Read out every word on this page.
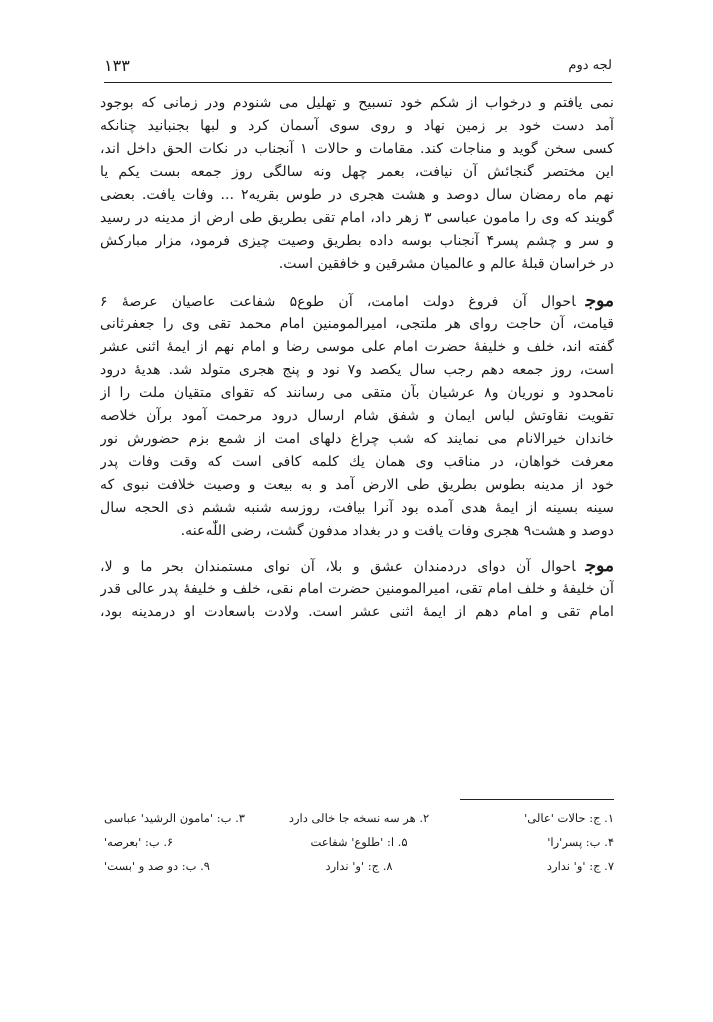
لجه دوم
۱۳۳
نمی یافتم و درخواب از شکم خود تسبیح و تهلیل می شنودم ودر زمانی که بوجود
آمد دست خود بر زمین نهاد و روی سوی آسمان کرد و لبها بجنبانید چنانکه
کسی سخن گوید و مناجات کند. مقامات و حالات ۱ آنجناب در نکات الحق داخل اند،
این مختصر گنجائش آن نیافت، بعمر چهل ونه سالگی روز جمعه بست یکم یا
نهم ماه رمضان سال دوصد و هشت هجری در طوس بقریه۲ ... وفات یافت. بعضی
گویند که وی را مامون عباسی ۳ زهر داد، امام تقی بطریق طی ارض از مدینه در رسید
و سر و چشم پسر۴ آنجناب بوسه داده بطریق وصیت چیزی فرمود، مزار مبارکش
در خراسان قبلهٔ عالم و عالمیان مشرقین و خافقین است.
موجاحوال آن فروغ دولت امامت، آن طوع۵ شفاعت عاصیان عرصهٔ ۶
قیامت، آن حاجت روای هر ملتجی، امیرالمومنین امام محمد تقی وی را جعفرثانی
گفته اند، خلف و خلیفهٔ حضرت امام علی موسی رضا و امام نهم از ایمهٔ اثنی عشر
است، روز جمعه دهم رجب سال یکصد و۷ نود و پنج هجری متولد شد. هدیهٔ درود
نامحدود و نوریان و۸ عرشیان بآن متقی می رسانند که تقوای متقیان ملت را از
تقویت نقاوتش لباس ایمان و شفق شام ارسال درود مرحمت آمود برآن خلاصه
خاندان خیرالانام می نمایند که شب چراغ دلهای امت از شمع بزم حضورش نور
معرفت خواهان، در مناقب وی همان یك کلمه کافی است که وقت وفات پدر
خود از مدینه بطوس بطریق طی الارض آمد و به بیعت و وصیت خلافت نبوی که
سینه بسینه از ایمهٔ هدی آمده بود آنرا بیافت، روزسه شنبه ششم ذی الحجه سال
دوصد و هشت۹ هجری وفات یافت و در بغداد مدفون گشت، رضی اللّٰه‌عنه.
موجاحوال آن دوای دردمندان عشق و بلا، آن نوای مستمندان بحر ما و لا،
آن خلیفهٔ و خلف امام تقی، امیرالمومنین حضرت امام نقی، خلف و خلیفهٔ پدر عالی قدر
امام تقی و امام دهم از ایمهٔ اثنی عشر است. ولادت باسعادت او درمدینه بود،
۱. ج: حالات 'عالی'
۲. هر سه نسخه جا خالی دارد
۳. ب: 'مامون الرشید' عباسی
۴. ب: پسر'را'
۵. ا: 'طلوع' شفاعت
۶. ب: 'بعرصه'
۷. ج: 'و' ندارد
۸. ج: 'و' ندارد
۹. ب: دو صد و 'بست'
